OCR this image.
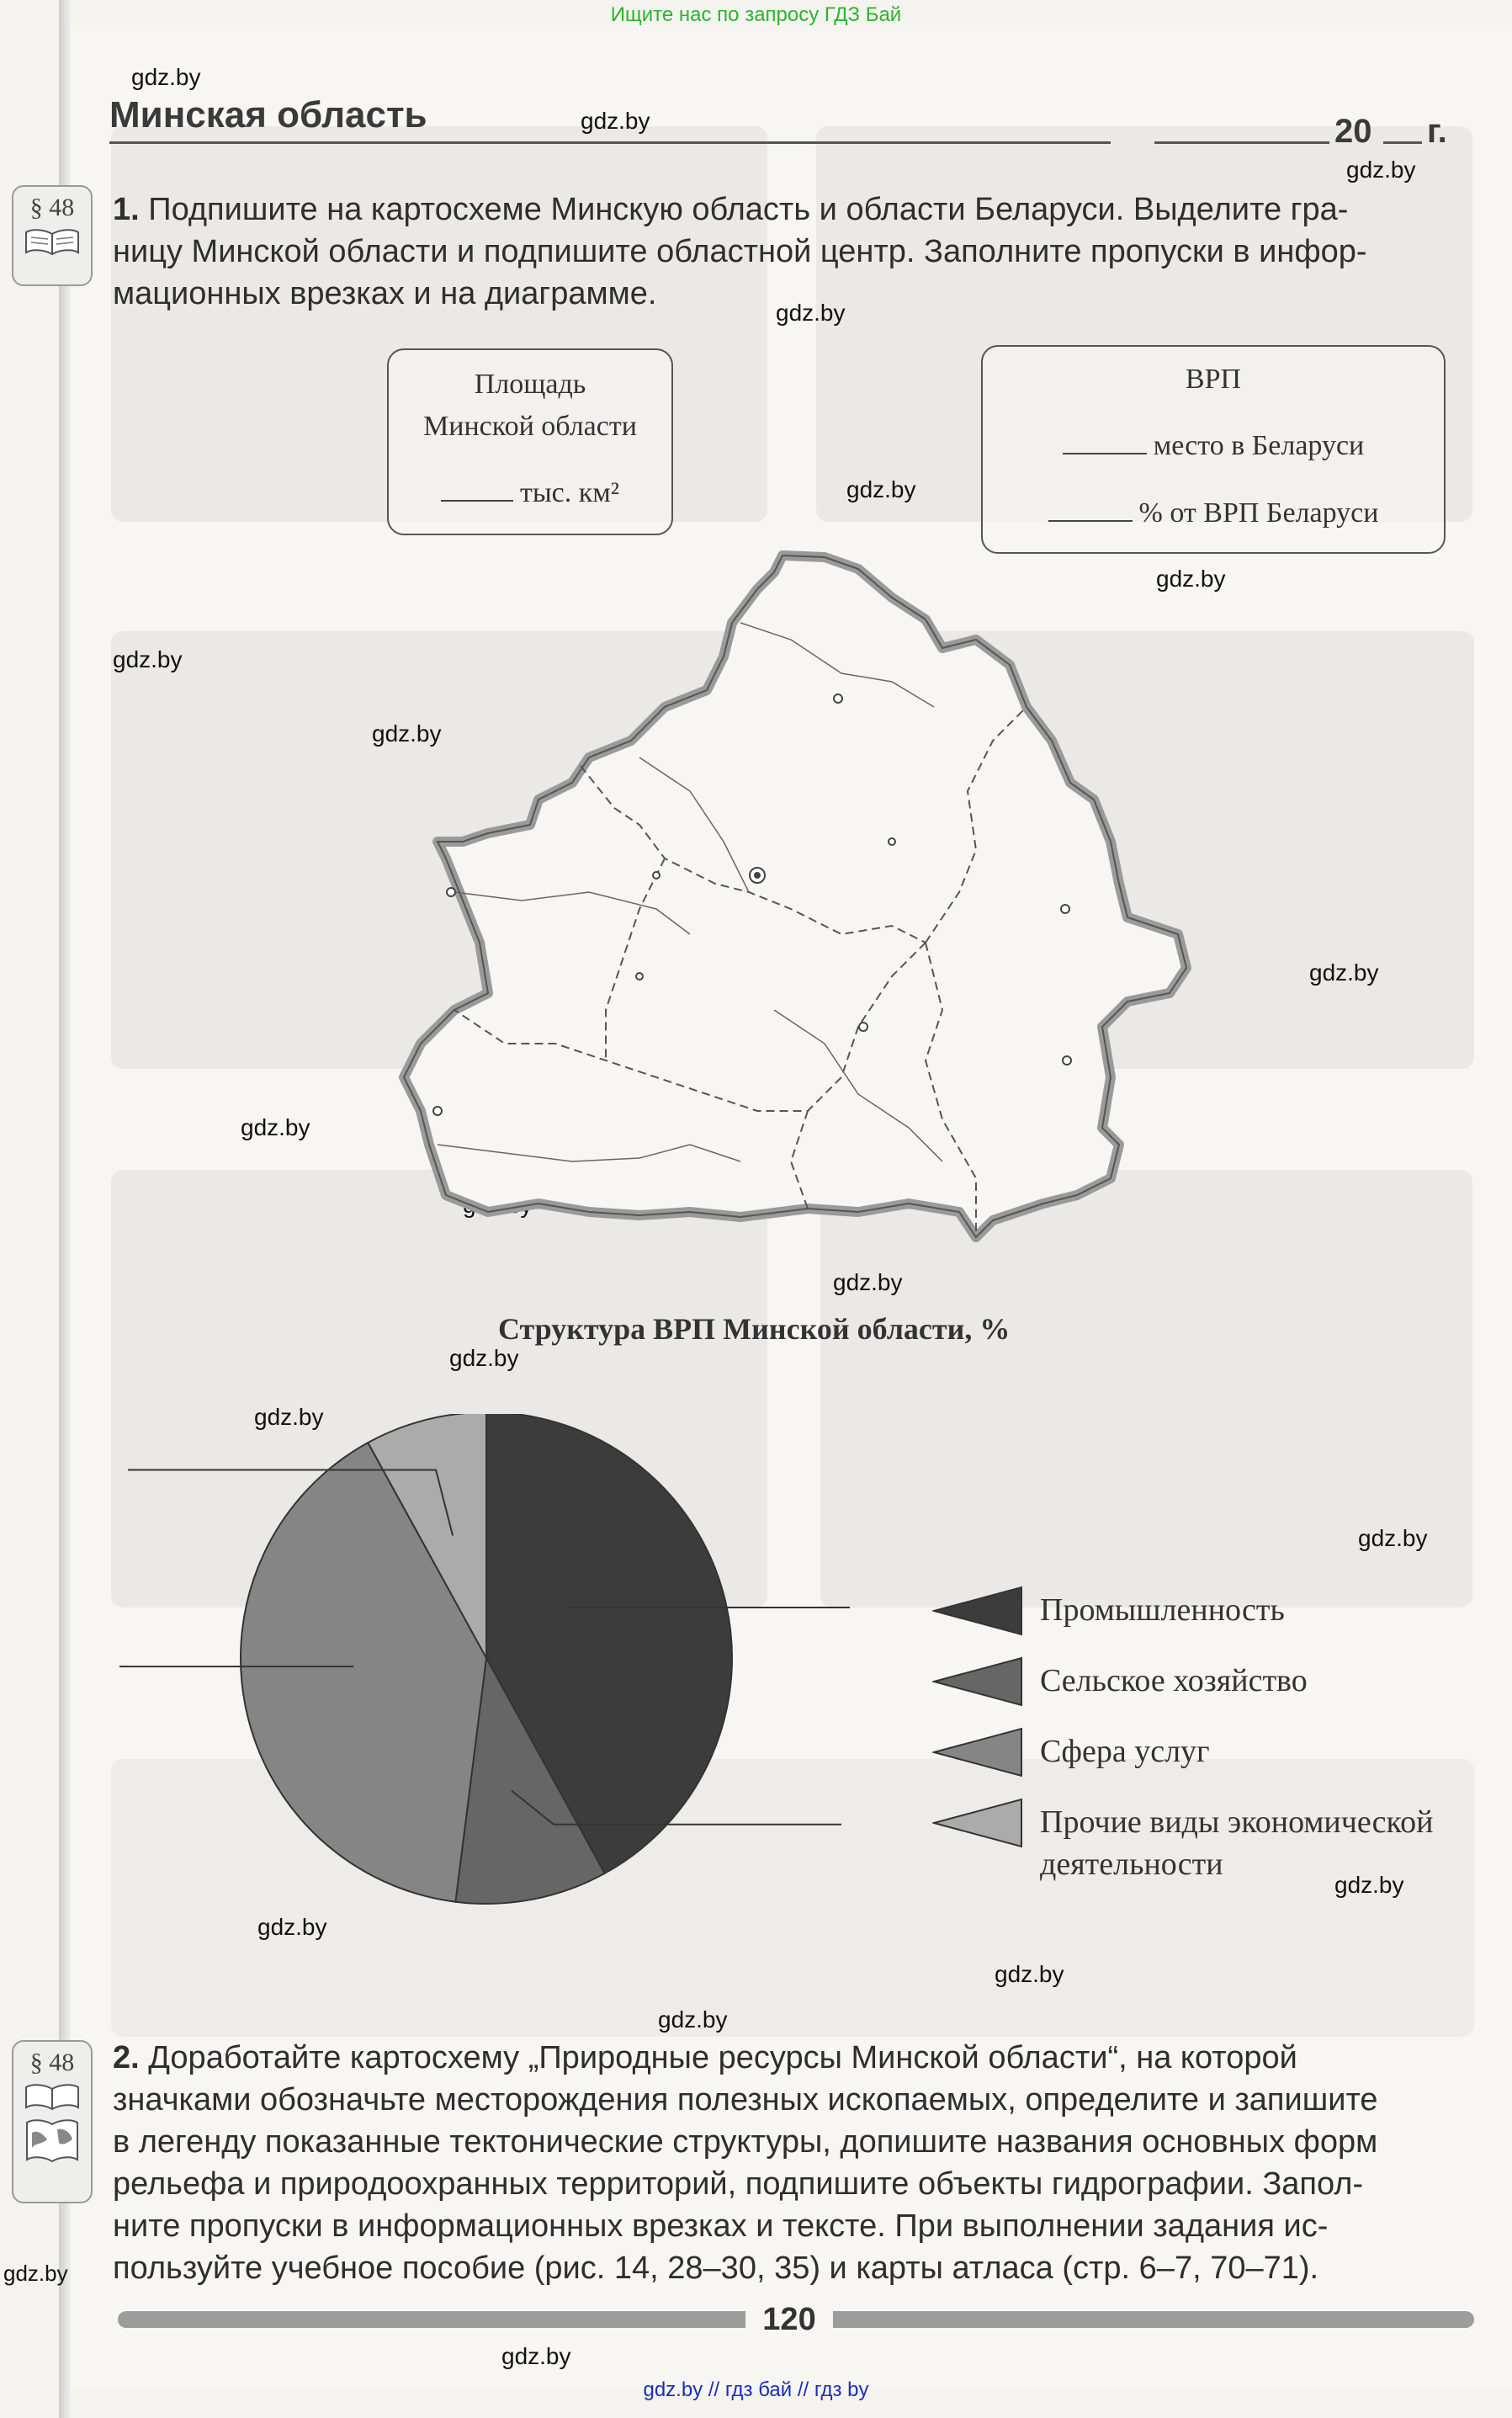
Ищите нас по запросу ГДЗ Бай
gdz.by
gdz.by
gdz.by
gdz.by
gdz.by
gdz.by
gdz.by
gdz.by
gdz.by
gdz.by
gdz.by
gdz.by
gdz.by
gdz.by
gdz.by
gdz.by
gdz.by
gdz.by
gdz.by
gdz.by
Минская область	20 г.
§ 48	1. Подпишите на картосхеме Минскую область и области Беларуси. Выделите гра-
ницу Минской области и подпишите областной центр. Заполните пропуски в инфор-
мационных врезках и на диаграмме.
Площадь
Минской области
тыс. км²
ВРП
место в Беларуси
% от ВРП Беларуси
Структура ВРП Минской области, %
Промышленность
Сельское хозяйство
Сфера услуг
Прочие виды экономической деятельности
§ 48	2. Доработайте картосхему „Природные ресурсы Минской области“, на которой
значками обозначьте месторождения полезных ископаемых, определите и запишите
в легенду показанные тектонические структуры, допишите названия основных форм
рельефа и природоохранных территорий, подпишите объекты гидрографии. Запол-
ните пропуски в информационных врезках и тексте. При выполнении задания ис-
пользуйте учебное пособие (рис. 14, 28–30, 35) и карты атласа (стр. 6–7, 70–71).
120
gdz.by // гдз бай // гдз by
